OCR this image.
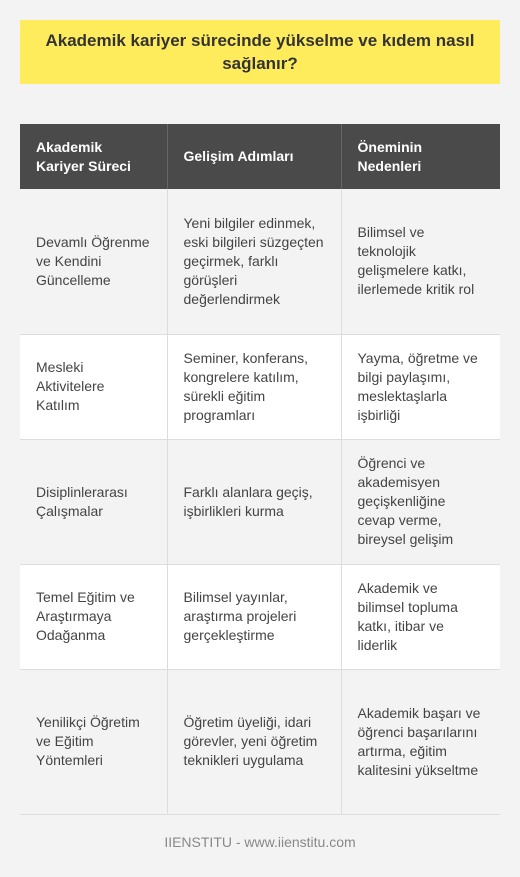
Akademik kariyer sürecinde yükselme ve kıdem nasıl sağlanır?
Akademik Kariyer Süreci	Gelişim Adımları	Öneminin Nedenleri
Devamlı Öğrenme ve Kendini Güncelleme	Yeni bilgiler edinmek, eski bilgileri süzgeçten geçirmek, farklı görüşleri değerlendirmek	Bilimsel ve teknolojik gelişmelere katkı, ilerlemede kritik rol
Mesleki Aktivitelere Katılım	Seminer, konferans, kongrelere katılım, sürekli eğitim programları	Yayma, öğretme ve bilgi paylaşımı, meslektaşlarla işbirliği
Disiplinlerarası Çalışmalar	Farklı alanlara geçiş, işbirlikleri kurma	Öğrenci ve akademisyen geçişkenliğine cevap verme, bireysel gelişim
Temel Eğitim ve Araştırmaya Odağanma	Bilimsel yayınlar, araştırma projeleri gerçekleştirme	Akademik ve bilimsel topluma katkı, itibar ve liderlik
Yenilikçi Öğretim ve Eğitim Yöntemleri	Öğretim üyeliği, idari görevler, yeni öğretim teknikleri uygulama	Akademik başarı ve öğrenci başarılarını artırma, eğitim kalitesini yükseltme
IIENSTITU - www.iienstitu.com
